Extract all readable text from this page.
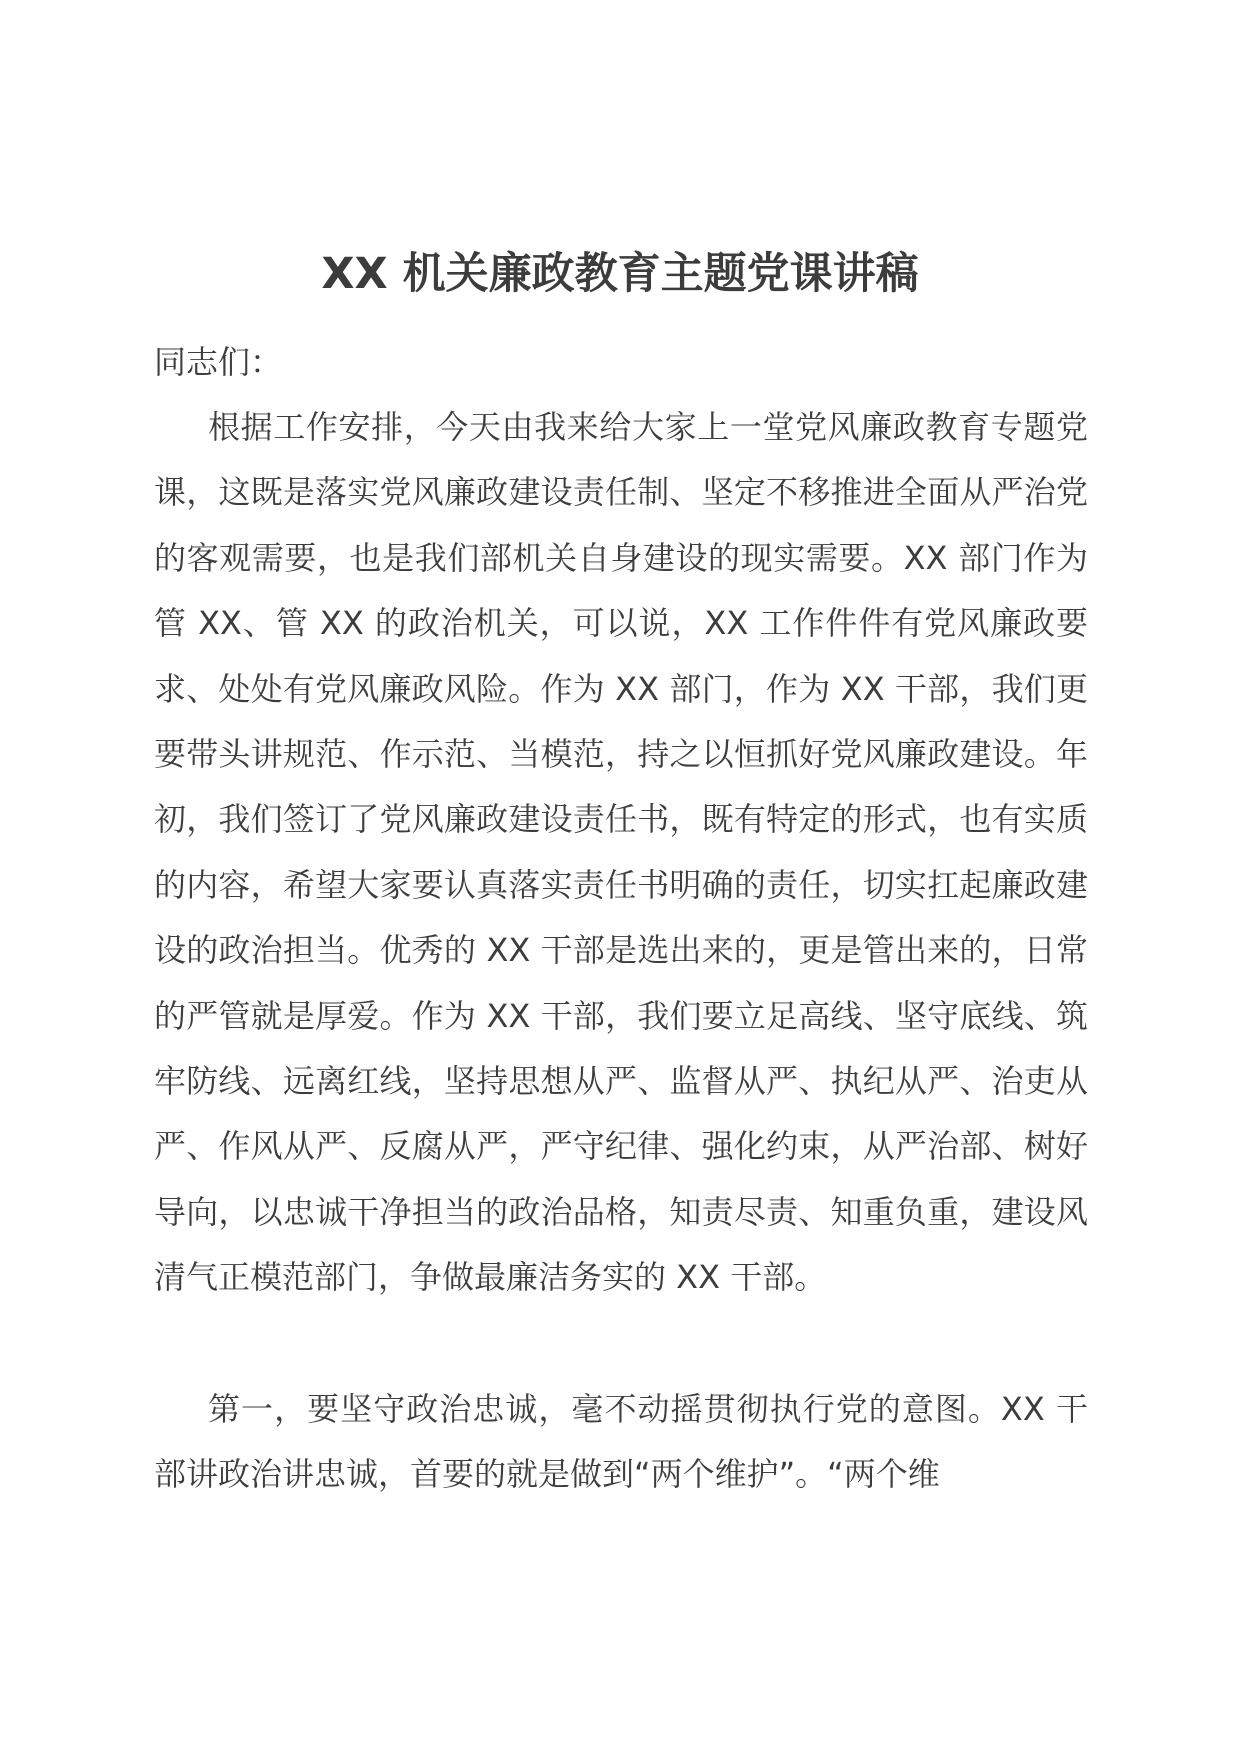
XX 机关廉政教育主题党课讲稿

同志们：

根据工作安排，今天由我来给大家上一堂党风廉政教育专题党课，这既是落实党风廉政建设责任制、坚定不移推进全面从严治党的客观需要，也是我们部机关自身建设的现实需要。XX 部门作为管 XX、管 XX 的政治机关，可以说，XX 工作件件有党风廉政要求、处处有党风廉政风险。作为 XX 部门，作为 XX 干部，我们更要带头讲规范、作示范、当模范，持之以恒抓好党风廉政建设。年初，我们签订了党风廉政建设责任书，既有特定的形式，也有实质的内容，希望大家要认真落实责任书明确的责任，切实扛起廉政建设的政治担当。优秀的 XX 干部是选出来的，更是管出来的，日常的严管就是厚爱。作为 XX 干部，我们要立足高线、坚守底线、筑牢防线、远离红线，坚持思想从严、监督从严、执纪从严、治吏从严、作风从严、反腐从严，严守纪律、强化约束，从严治部、树好导向，以忠诚干净担当的政治品格，知责尽责、知重负重，建设风清气正模范部门，争做最廉洁务实的 XX 干部。

第一，要坚守政治忠诚，毫不动摇贯彻执行党的意图。XX 干部讲政治讲忠诚，首要的就是做到“两个维护”。“两个维
